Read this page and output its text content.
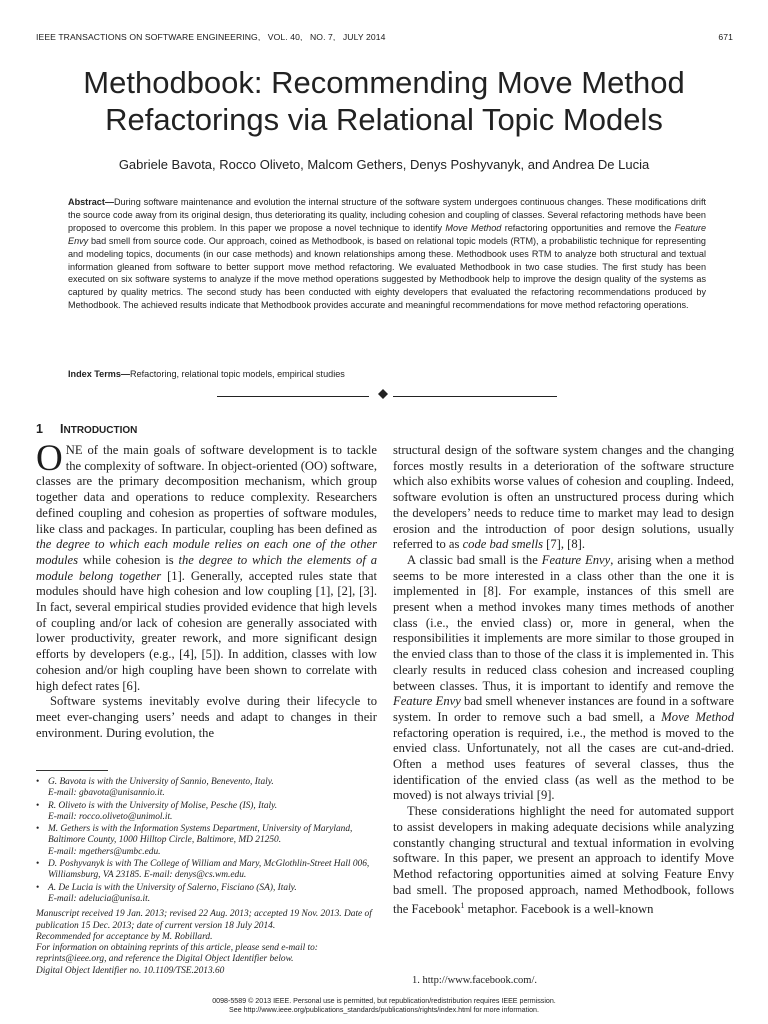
IEEE TRANSACTIONS ON SOFTWARE ENGINEERING, VOL. 40, NO. 7, JULY 2014	671
Methodbook: Recommending Move Method
Refactorings via Relational Topic Models
Gabriele Bavota, Rocco Oliveto, Malcom Gethers, Denys Poshyvanyk, and Andrea De Lucia
Abstract—During software maintenance and evolution the internal structure of the software system undergoes continuous changes. These modifications drift the source code away from its original design, thus deteriorating its quality, including cohesion and coupling of classes. Several refactoring methods have been proposed to overcome this problem. In this paper we propose a novel technique to identify Move Method refactoring opportunities and remove the Feature Envy bad smell from source code. Our approach, coined as Methodbook, is based on relational topic models (RTM), a probabilistic technique for representing and modeling topics, documents (in our case methods) and known relationships among these. Methodbook uses RTM to analyze both structural and textual information gleaned from software to better support move method refactoring. We evaluated Methodbook in two case studies. The first study has been executed on six software systems to analyze if the move method operations suggested by Methodbook help to improve the design quality of the systems as captured by quality metrics. The second study has been conducted with eighty developers that evaluated the refactoring recommendations produced by Methodbook. The achieved results indicate that Methodbook provides accurate and meaningful recommendations for move method refactoring operations.
Index Terms—Refactoring, relational topic models, empirical studies
1 INTRODUCTION

ONE of the main goals of software development is to tackle the complexity of software. In object-oriented (OO) software, classes are the primary decomposition mechanism, which group together data and operations to reduce complexity. Researchers defined coupling and cohesion as properties of software modules, like class and packages. In particular, coupling has been defined as the degree to which each module relies on each one of the other modules while cohesion is the degree to which the elements of a module belong together [1]. Generally, accepted rules state that modules should have high cohesion and low coupling [1], [2], [3]. In fact, several empirical studies provided evidence that high levels of coupling and/or lack of cohesion are generally associated with lower productivity, greater rework, and more significant design efforts by developers (e.g., [4], [5]). In addition, classes with low cohesion and/or high coupling have been shown to correlate with high defect rates [6].

Software systems inevitably evolve during their lifecycle to meet ever-changing users’ needs and adapt to changes in their environment. During evolution, the

• G. Bavota is with the University of Sannio, Benevento, Italy.
E-mail: gbavota@unisannio.it.
• R. Oliveto is with the University of Molise, Pesche (IS), Italy.
E-mail: rocco.oliveto@unimol.it.
• M. Gethers is with the Information Systems Department, University of Maryland, Baltimore County, 1000 Hilltop Circle, Baltimore, MD 21250.
E-mail: mgethers@umbc.edu.
• D. Poshyvanyk is with The College of William and Mary, McGlothlin-Street Hall 006, Williamsburg, VA 23185. E-mail: denys@cs.wm.edu.
• A. De Lucia is with the University of Salerno, Fisciano (SA), Italy.
E-mail: adelucia@unisa.it.
Manuscript received 19 Jan. 2013; revised 22 Aug. 2013; accepted 19 Nov. 2013. Date of publication 15 Dec. 2013; date of current version 18 July 2014.
Recommended for acceptance by M. Robillard.
For information on obtaining reprints of this article, please send e-mail to: reprints@ieee.org, and reference the Digital Object Identifier below.
Digital Object Identifier no. 10.1109/TSE.2013.60

structural design of the software system changes and the changing forces mostly results in a deterioration of the software structure which also exhibits worse values of cohesion and coupling. Indeed, software evolution is often an unstructured process during which the developers’ needs to reduce time to market may lead to design erosion and the introduction of poor design solutions, usually referred to as code bad smells [7], [8].

A classic bad small is the Feature Envy, arising when a method seems to be more interested in a class other than the one it is implemented in [8]. For example, instances of this smell are present when a method invokes many times methods of another class (i.e., the envied class) or, more in general, when the responsibilities it implements are more similar to those grouped in the envied class than to those of the class it is implemented in. This clearly results in reduced class cohesion and increased coupling between classes. Thus, it is important to identify and remove the Feature Envy bad smell whenever instances are found in a software system. In order to remove such a bad smell, a Move Method refactoring operation is required, i.e., the method is moved to the envied class. Unfortunately, not all the cases are cut-and-dried. Often a method uses features of several classes, thus the identification of the envied class (as well as the method to be moved) is not always trivial [9].

These considerations highlight the need for automated support to assist developers in making adequate decisions while analyzing constantly changing structural and textual information in evolving software. In this paper, we present an approach to identify Move Method refactoring opportunities aimed at solving Feature Envy bad smell. The proposed approach, named Methodbook, follows the Facebook$^1$ metaphor. Facebook is a well-known

1. http://www.facebook.com/.
0098-5589 © 2013 IEEE. Personal use is permitted, but republication/redistribution requires IEEE permission.
See http://www.ieee.org/publications_standards/publications/rights/index.html for more information.
